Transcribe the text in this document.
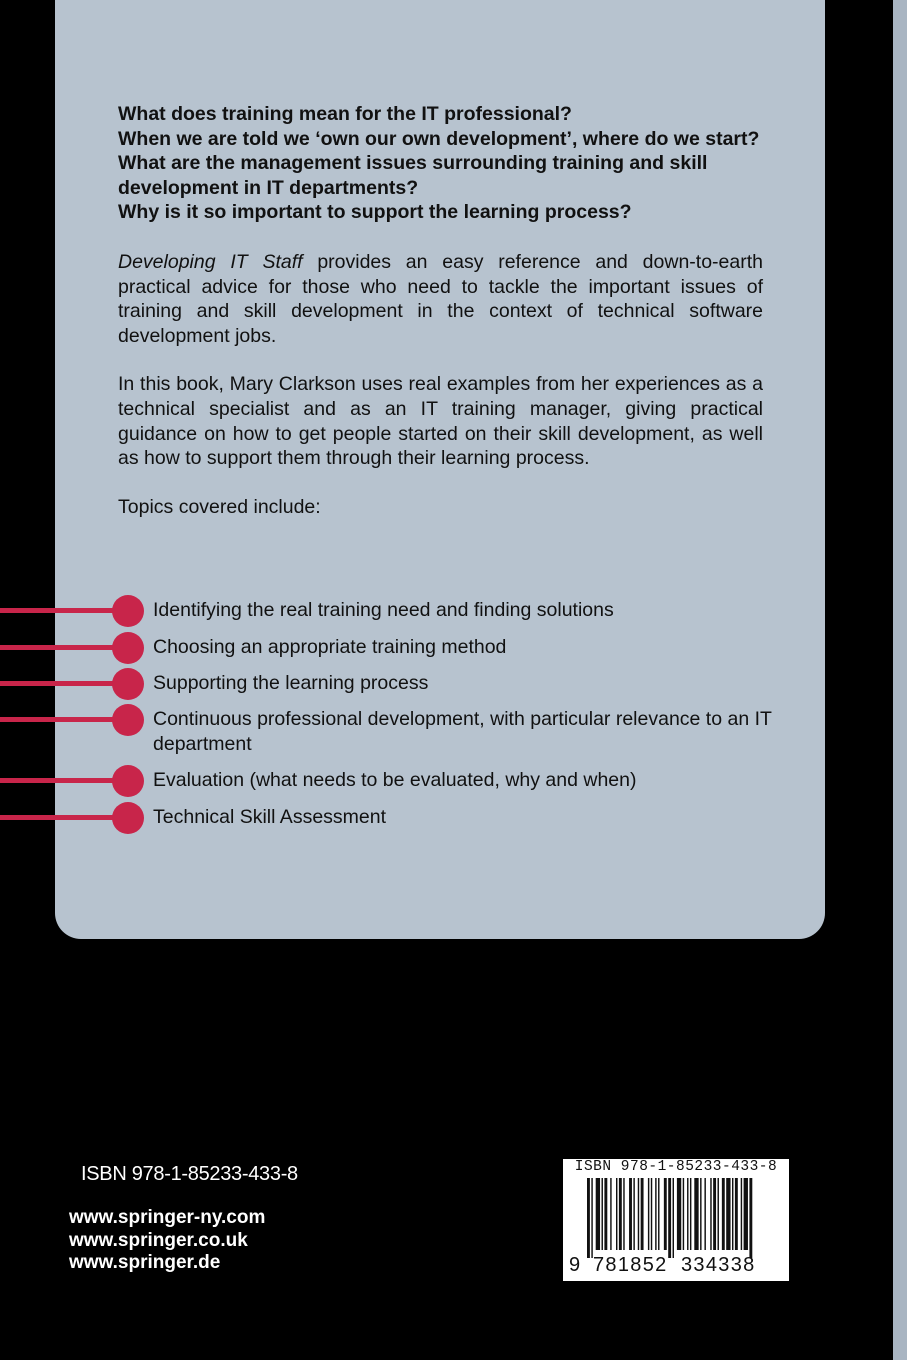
What does training mean for the IT professional?
When we are told we ‘own our own development’, where do we start?
What are the management issues surrounding training and skill development in IT departments?
Why is it so important to support the learning process?

Developing IT Staff provides an easy reference and down-to-earth practical advice for those who need to tackle the important issues of training and skill development in the context of technical software development jobs.

In this book, Mary Clarkson uses real examples from her experiences as a technical specialist and as an IT training manager, giving practical guidance on how to get people started on their skill development, as well as how to support them through their learning process.

Topics covered include:

Identifying the real training need and finding solutions
Choosing an appropriate training method
Supporting the learning process
Continuous professional development, with particular relevance to an IT department
Evaluation (what needs to be evaluated, why and when)
Technical Skill Assessment
ISBN 978-1-85233-433-8
www.springer-ny.com
www.springer.co.uk
www.springer.de
ISBN 978-1-85233-433-8
9 781852 334338
